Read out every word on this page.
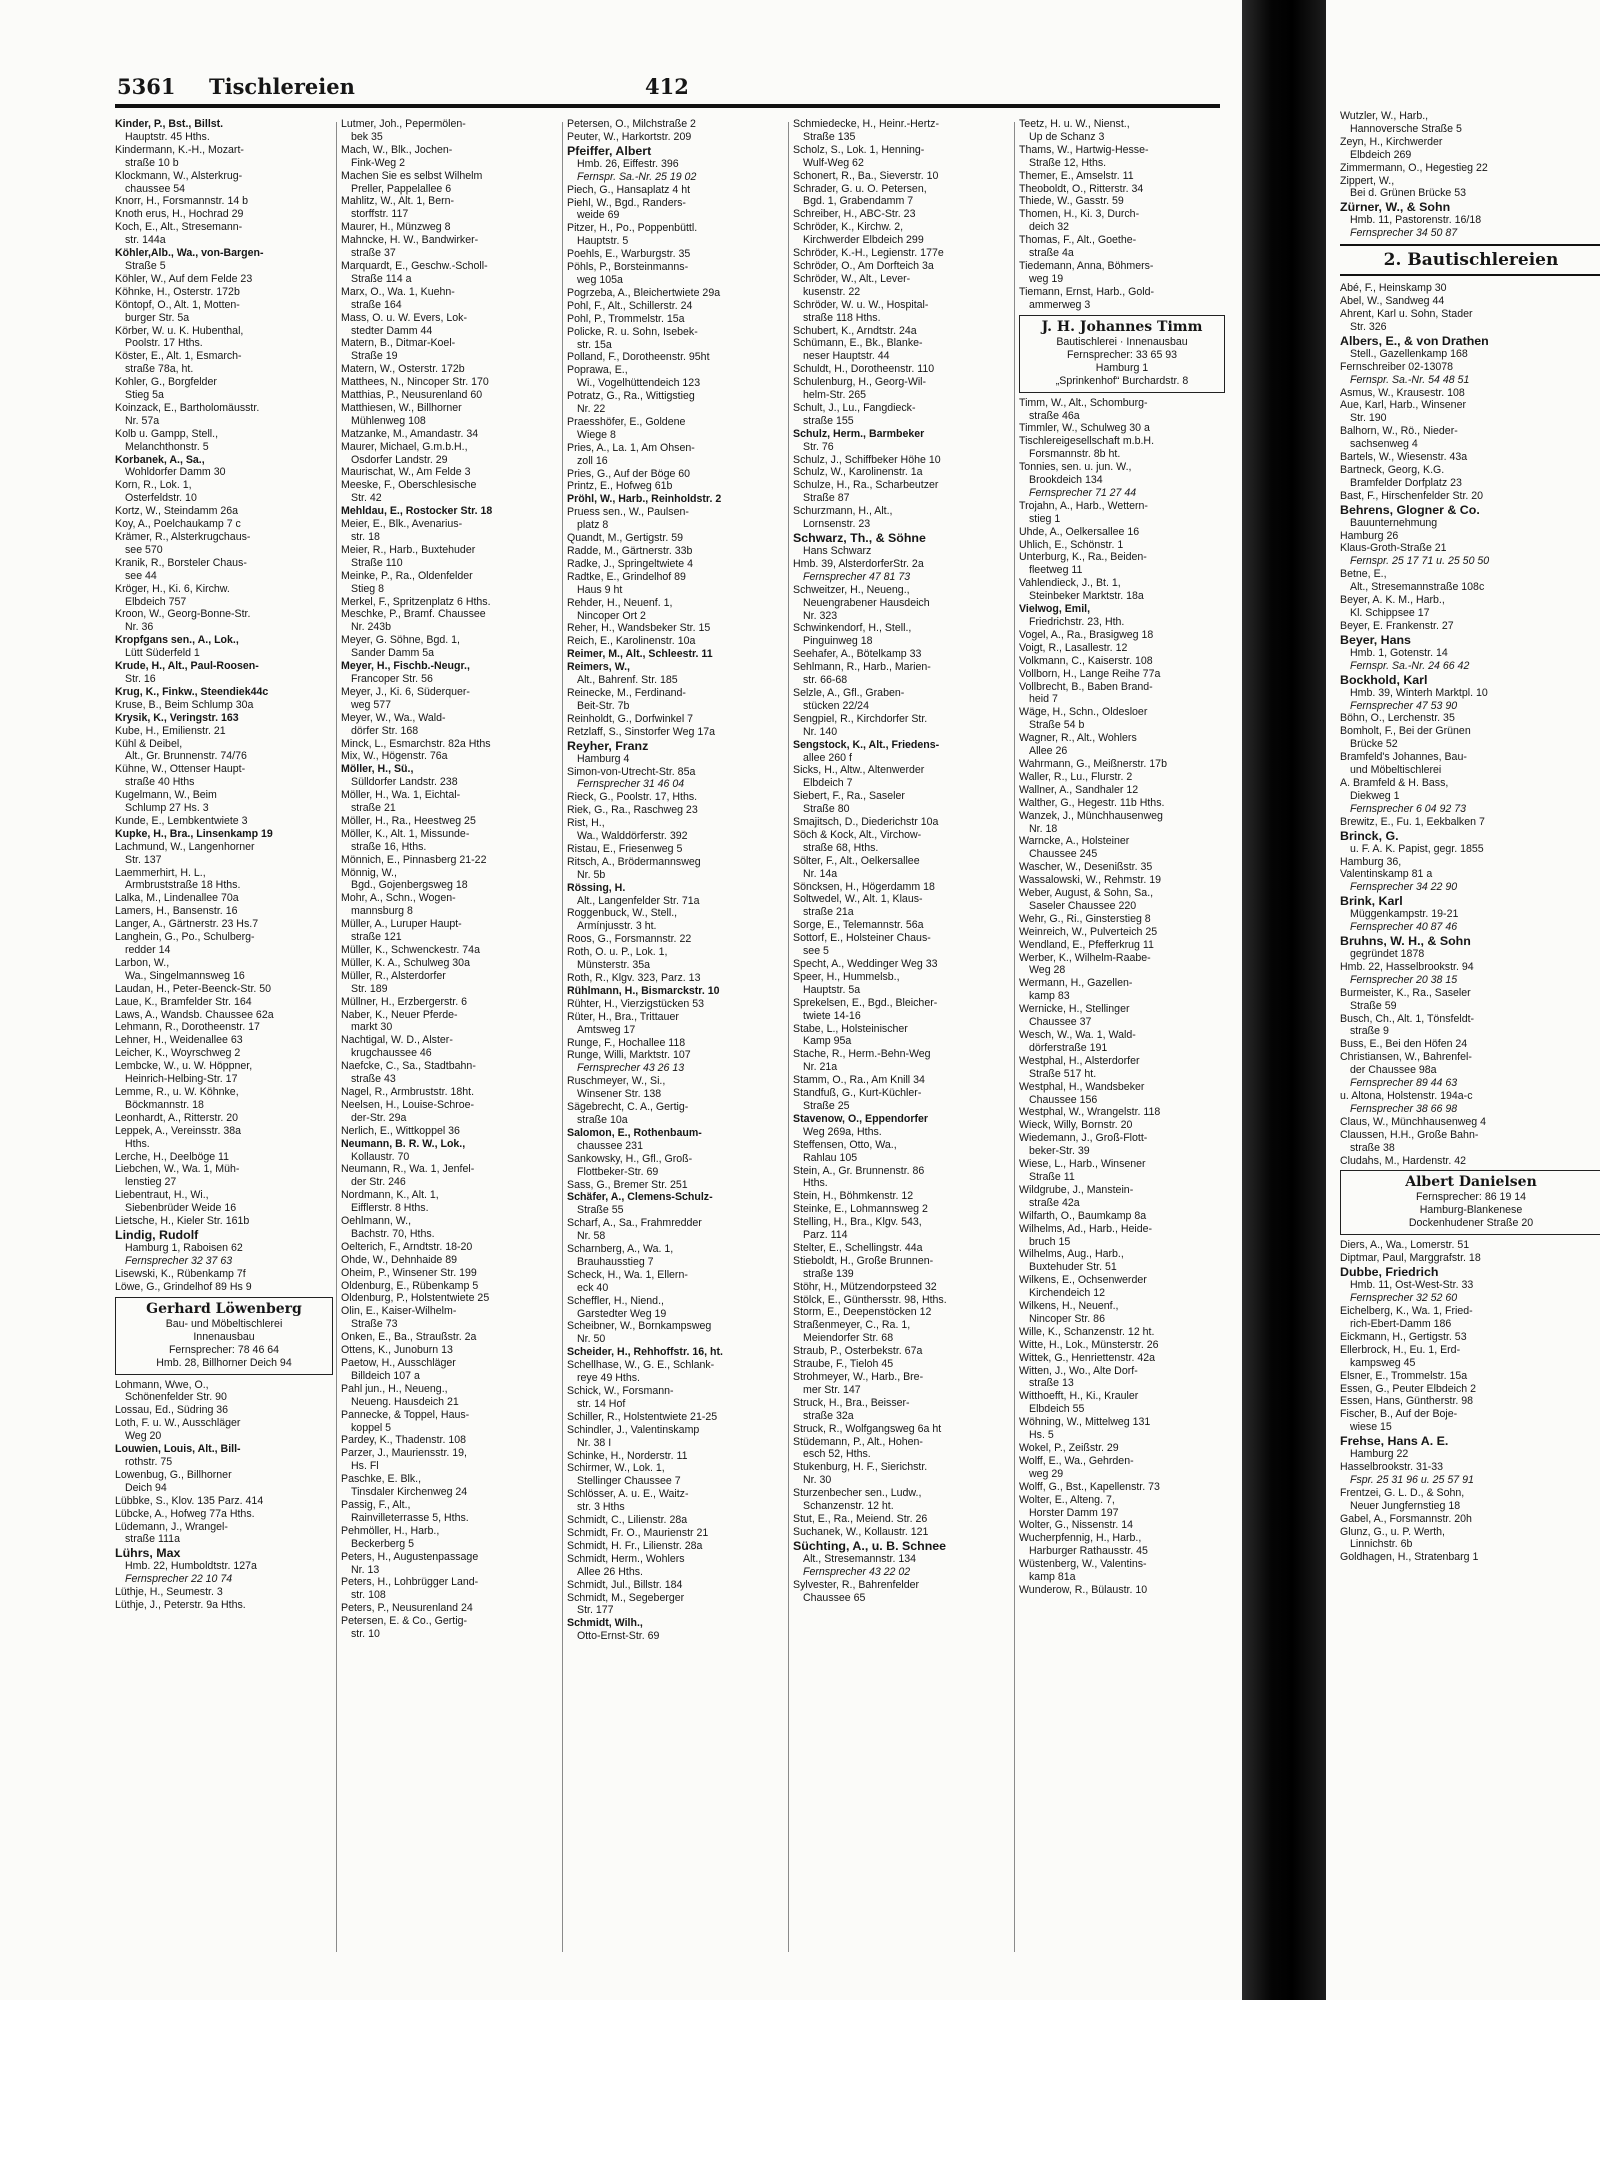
5361 Tischlereien	412
Kinder, P., Bst., Billst.
Hauptstr. 45 Hths.
Kindermann, K.-H., Mozart-
straße 10 b
Klockmann, W., Alsterkrug-
chaussee 54
Knorr, H., Forsmannstr. 14 b
Knoth erus, H., Hochrad 29
Koch, E., Alt., Stresemann-
str. 144a
Köhler,Alb., Wa., von-Bargen-
Straße 5
Köhler, W., Auf dem Felde 23
Köhnke, H., Osterstr. 172b
Köntopf, O., Alt. 1, Motten-
burger Str. 5a
Körber, W. u. K. Hubenthal,
Poolstr. 17 Hths.
Köster, E., Alt. 1, Esmarch-
straße 78a, ht.
Kohler, G., Borgfelder
Stieg 5a
Koinzack, E., Bartholomäusstr.
Nr. 57a
Kolb u. Gampp, Stell.,
Melanchthonstr. 5
Korbanek, A., Sa.,
Wohldorfer Damm 30
Korn, R., Lok. 1,
Osterfeldstr. 10
Kortz, W., Steindamm 26a
Koy, A., Poelchaukamp 7 c
Krämer, R., Alsterkrugchaus-
see 570
Kranik, R., Borsteler Chaus-
see 44
Kröger, H., Ki. 6, Kirchw.
Elbdeich 757
Kroon, W., Georg-Bonne-Str.
Nr. 36
Kropfgans sen., A., Lok.,
Lütt Süderfeld 1
Krude, H., Alt., Paul-Roosen-
Str. 16
Krug, K., Finkw., Steendiek44c
Kruse, B., Beim Schlump 30a
Krysik, K., Veringstr. 163
Kube, H., Emilienstr. 21
Kühl & Deibel,
Alt., Gr. Brunnenstr. 74/76
Kühne, W., Ottenser Haupt-
straße 40 Hths
Kugelmann, W., Beim
Schlump 27 Hs. 3
Kunde, E., Lembkentwiete 3
Kupke, H., Bra., Linsenkamp 19
Lachmund, W., Langenhorner
Str. 137
Laemmerhirt, H. L.,
Armbruststraße 18 Hths.
Lalka, M., Lindenallee 70a
Lamers, H., Bansenstr. 16
Langer, A., Gärtnerstr. 23 Hs.7
Langhein, G., Po., Schulberg-
redder 14
Larbon, W.,
Wa., Singelmannsweg 16
Laudan, H., Peter-Beenck-Str. 50
Laue, K., Bramfelder Str. 164
Laws, A., Wandsb. Chaussee 62a
Lehmann, R., Dorotheenstr. 17
Lehner, H., Weidenallee 63
Leicher, K., Woyrschweg 2
Lembcke, W., u. W. Höppner,
Heinrich-Helbing-Str. 17
Lemme, R., u. W. Köhnke,
Böckmannstr. 18
Leonhardt, A., Ritterstr. 20
Leppek, A., Vereinsstr. 38a
Hths.
Lerche, H., Deelböge 11
Liebchen, W., Wa. 1, Müh-
lenstieg 27
Liebentraut, H., Wi.,
Siebenbrüder Weide 16
Lietsche, H., Kieler Str. 161b
Lindig, Rudolf
Hamburg 1, Raboisen 62
Fernsprecher 32 37 63
Lisewski, K., Rübenkamp 7f
Löwe, G., Grindelhof 89 Hs 9
Gerhard Löwenberg
Bau- und Möbeltischlerei
Innenausbau
Fernsprecher: 78 46 64
Hmb. 28, Billhorner Deich 94
Lohmann, Wwe, O.,
Schönenfelder Str. 90
Lossau, Ed., Südring 36
Loth, F. u. W., Ausschläger
Weg 20
Louwien, Louis, Alt., Bill-
rothstr. 75
Lowenbug, G., Billhorner
Deich 94
Lübbke, S., Klov. 135 Parz. 414
Lübcke, A., Hofweg 77a Hths.
Lüdemann, J., Wrangel-
straße 111a
Lührs, Max
Hmb. 22, Humboldtstr. 127a
Fernsprecher 22 10 74
Lüthje, H., Seumestr. 3
Lüthje, J., Peterstr. 9a Hths.
Lutmer, Joh., Pepermölen-
bek 35
Mach, W., Blk., Jochen-
Fink-Weg 2
Machen Sie es selbst Wilhelm
Preller, Pappelallee 6
Mahlitz, W., Alt. 1, Bern-
storffstr. 117
Maurer, H., Münzweg 8
Mahncke, H. W., Bandwirker-
straße 37
Marquardt, E., Geschw.-Scholl-
Straße 114 a
Marx, O., Wa. 1, Kuehn-
straße 164
Mass, O. u. W. Evers, Lok-
stedter Damm 44
Matern, B., Ditmar-Koel-
Straße 19
Matern, W., Osterstr. 172b
Matthees, N., Nincoper Str. 170
Matthias, P., Neusurenland 60
Matthiesen, W., Billhorner
Mühlenweg 108
Matzanke, M., Amandastr. 34
Maurer, Michael, G.m.b.H.,
Osdorfer Landstr. 29
Maurischat, W., Am Felde 3
Meeske, F., Oberschlesische
Str. 42
Mehldau, E., Rostocker Str. 18
Meier, E., Blk., Avenarius-
str. 18
Meier, R., Harb., Buxtehuder
Straße 110
Meinke, P., Ra., Oldenfelder
Stieg 8
Merkel, F., Spritzenplatz 6 Hths.
Meschke, P., Bramf. Chaussee
Nr. 243b
Meyer, G. Söhne, Bgd. 1,
Sander Damm 5a
Meyer, H., Fischb.-Neugr.,
Francoper Str. 56
Meyer, J., Ki. 6, Süderquer-
weg 577
Meyer, W., Wa., Wald-
dörfer Str. 168
Minck, L., Esmarchstr. 82a Hths
Mix, W., Högenstr. 76a
Möller, H., Sü.,
Sülldorfer Landstr. 238
Möller, H., Wa. 1, Eichtal-
straße 21
Möller, H., Ra., Heestweg 25
Möller, K., Alt. 1, Missunde-
straße 16, Hths.
Mönnich, E., Pinnasberg 21-22
Mönnig, W.,
Bgd., Gojenbergsweg 18
Mohr, A., Schn., Wogen-
mannsburg 8
Müller, A., Luruper Haupt-
straße 121
Müller, K., Schwenckestr. 74a
Müller, K. A., Schulweg 30a
Müller, R., Alsterdorfer
Str. 189
Müllner, H., Erzbergerstr. 6
Naber, K., Neuer Pferde-
markt 30
Nachtigal, W. D., Alster-
krugchaussee 46
Naefcke, C., Sa., Stadtbahn-
straße 43
Nagel, R., Armbruststr. 18ht.
Neelsen, H., Louise-Schroe-
der-Str. 29a
Nerlich, E., Wittkoppel 36
Neumann, B. R. W., Lok.,
Kollaustr. 70
Neumann, R., Wa. 1, Jenfel-
der Str. 246
Nordmann, K., Alt. 1,
Eifflerstr. 8 Hths.
Oehlmann, W.,
Bachstr. 70, Hths.
Oelterich, F., Arndtstr. 18-20
Ohde, W., Dehnhaide 89
Oheim, P., Winsener Str. 199
Oldenburg, E., Rübenkamp 5
Oldenburg, P., Holstentwiete 25
Olin, E., Kaiser-Wilhelm-
Straße 73
Onken, E., Ba., Straußstr. 2a
Ottens, K., Junoburn 13
Paetow, H., Ausschläger
Billdeich 107 a
Pahl jun., H., Neueng.,
Neueng. Hausdeich 21
Pannecke, & Toppel, Haus-
koppel 5
Pardey, K., Thadenstr. 108
Parzer, J., Mauriensstr. 19,
Hs. Fl
Paschke, E. Blk.,
Tinsdaler Kirchenweg 24
Passig, F., Alt.,
Rainvilleterrasse 5, Hths.
Pehmöller, H., Harb.,
Beckerberg 5
Peters, H., Augustenpassage
Nr. 13
Peters, H., Lohbrügger Land-
str. 108
Peters, P., Neusurenland 24
Petersen, E. & Co., Gertig-
str. 10
Petersen, O., Milchstraße 2
Peuter, W., Harkortstr. 209
Pfeiffer, Albert
Hmb. 26, Eiffestr. 396
Fernspr. Sa.-Nr. 25 19 02
Piech, G., Hansaplatz 4 ht
Piehl, W., Bgd., Randers-
weide 69
Pitzer, H., Po., Poppenbüttl.
Hauptstr. 5
Poehls, E., Warburgstr. 35
Pöhls, P., Borsteinmanns-
weg 105a
Pogrzeba, A., Bleichertwiete 29a
Pohl, F., Alt., Schillerstr. 24
Pohl, P., Trommelstr. 15a
Policke, R. u. Sohn, Isebek-
str. 15a
Polland, F., Dorotheenstr. 95ht
Poprawa, E.,
Wi., Vogelhüttendeich 123
Potratz, G., Ra., Wittigstieg
Nr. 22
Praesshöfer, E., Goldene
Wiege 8
Pries, A., La. 1, Am Ohsen-
zoll 16
Pries, G., Auf der Böge 60
Printz, E., Hofweg 61b
Pröhl, W., Harb., Reinholdstr. 2
Pruess sen., W., Paulsen-
platz 8
Quandt, M., Gertigstr. 59
Radde, M., Gärtnerstr. 33b
Radke, J., Springeltwiete 4
Radtke, E., Grindelhof 89
Haus 9 ht
Rehder, H., Neuenf. 1,
Nincoper Ort 2
Reher, H., Wandsbeker Str. 15
Reich, E., Karolinenstr. 10a
Reimer, M., Alt., Schleestr. 11
Reimers, W.,
Alt., Bahrenf. Str. 185
Reinecke, M., Ferdinand-
Beit-Str. 7b
Reinholdt, G., Dorfwinkel 7
Retzlaff, S., Sinstorfer Weg 17a
Reyher, Franz
Hamburg 4
Simon-von-Utrecht-Str. 85a
Fernsprecher 31 46 04
Rieck, G., Poolstr. 17, Hths.
Riek, G., Ra., Raschweg 23
Rist, H.,
Wa., Walddörferstr. 392
Ristau, E., Friesenweg 5
Ritsch, A., Brödermannsweg
Nr. 5b
Rössing, H.
Alt., Langenfelder Str. 71a
Roggenbuck, W., Stell.,
Armínjusstr. 3 ht.
Roos, G., Forsmannstr. 22
Roth, O. u. P., Lok. 1,
Münsterstr. 35a
Roth, R., Klgv. 323, Parz. 13
Rühlmann, H., Bismarckstr. 10
Rühter, H., Vierzigstücken 53
Rüter, H., Bra., Trittauer
Amtsweg 17
Runge, F., Hochallee 118
Runge, Willi, Marktstr. 107
Fernsprecher 43 26 13
Ruschmeyer, W., Si.,
Winsener Str. 138
Sägebrecht, C. A., Gertig-
straße 10a
Salomon, E., Rothenbaum-
chaussee 231
Sankowsky, H., Gfl., Groß-
Flottbeker-Str. 69
Sass, G., Bremer Str. 251
Schäfer, A., Clemens-Schulz-
Straße 55
Scharf, A., Sa., Frahmredder
Nr. 58
Scharnberg, A., Wa. 1,
Brauhausstieg 7
Scheck, H., Wa. 1, Ellern-
eck 40
Scheffler, H., Niend.,
Garstedter Weg 19
Scheibner, W., Bornkampsweg
Nr. 50
Scheider, H., Rehhoffstr. 16, ht.
Schellhase, W., G. E., Schlank-
reye 49 Hths.
Schick, W., Forsmann-
str. 14 Hof
Schiller, R., Holstentwiete 21-25
Schindler, J., Valentinskamp
Nr. 38 I
Schinke, H., Norderstr. 11
Schirmer, W., Lok. 1,
Stellinger Chaussee 7
Schlösser, A. u. E., Waitz-
str. 3 Hths
Schmidt, C., Lilienstr. 28a
Schmidt, Fr. O., Maurienstr 21
Schmidt, H. Fr., Lilienstr. 28a
Schmidt, Herm., Wohlers
Allee 26 Hths.
Schmidt, Jul., Billstr. 184
Schmidt, M., Segeberger
Str. 177
Schmidt, Wilh.,
Otto-Ernst-Str. 69
Schmiedecke, H., Heinr.-Hertz-
Straße 135
Scholz, S., Lok. 1, Henning-
Wulf-Weg 62
Schonert, R., Ba., Sieverstr. 10
Schrader, G. u. O. Petersen,
Bgd. 1, Grabendamm 7
Schreiber, H., ABC-Str. 23
Schröder, K., Kirchw. 2,
Kirchwerder Elbdeich 299
Schröder, K.-H., Legienstr. 177e
Schröder, O., Am Dorfteich 3a
Schröder, W., Alt., Lever-
kusenstr. 22
Schröder, W. u. W., Hospital-
straße 118 Hths.
Schubert, K., Arndtstr. 24a
Schümann, E., Bk., Blanke-
neser Hauptstr. 44
Schuldt, H., Dorotheenstr. 110
Schulenburg, H., Georg-Wil-
helm-Str. 265
Schult, J., Lu., Fangdieck-
straße 155
Schulz, Herm., Barmbeker
Str. 76
Schulz, J., Schiffbeker Höhe 10
Schulz, W., Karolinenstr. 1a
Schulze, H., Ra., Scharbeutzer
Straße 87
Schurzmann, H., Alt.,
Lornsenstr. 23
Schwarz, Th., & Söhne
Hans Schwarz
Hmb. 39, AlsterdorferStr. 2a
Fernsprecher 47 81 73
Schweitzer, H., Neueng.,
Neuengrabener Hausdeich
Nr. 323
Schwinkendorf, H., Stell.,
Pinguinweg 18
Seehafer, A., Bötelkamp 33
Sehlmann, R., Harb., Marien-
str. 66-68
Selzle, A., Gfl., Graben-
stücken 22/24
Sengpiel, R., Kirchdorfer Str.
Nr. 140
Sengstock, K., Alt., Friedens-
allee 260 f
Sicks, H., Altw., Altenwerder
Elbdeich 7
Siebert, F., Ra., Saseler
Straße 80
Smajitsch, D., Diederichstr 10a
Söch & Kock, Alt., Virchow-
straße 68, Hths.
Sölter, F., Alt., Oelkersallee
Nr. 14a
Söncksen, H., Högerdamm 18
Soltwedel, W., Alt. 1, Klaus-
straße 21a
Sorge, E., Telemannstr. 56a
Sottorf, E., Holsteiner Chaus-
see 5
Specht, A., Weddinger Weg 33
Speer, H., Hummelsb.,
Hauptstr. 5a
Sprekelsen, E., Bgd., Bleicher-
twiete 14-16
Stabe, L., Holsteinischer
Kamp 95a
Stache, R., Herm.-Behn-Weg
Nr. 21a
Stamm, O., Ra., Am Knill 34
Standfuß, G., Kurt-Küchler-
Straße 25
Stavenow, O., Eppendorfer
Weg 269a, Hths.
Steffensen, Otto, Wa.,
Rahlau 105
Stein, A., Gr. Brunnenstr. 86
Hths.
Stein, H., Böhmkenstr. 12
Steinke, E., Lohmannsweg 2
Stelling, H., Bra., Klgv. 543,
Parz. 114
Stelter, E., Schellingstr. 44a
Stieboldt, H., Große Brunnen-
straße 139
Stöhr, H., Mützendorpsteed 32
Stölck, E., Günthersstr. 98, Hths.
Storm, E., Deepenstöcken 12
Straßenmeyer, C., Ra. 1,
Meiendorfer Str. 68
Straub, P., Osterbekstr. 67a
Straube, F., Tieloh 45
Strohmeyer, W., Harb., Bre-
mer Str. 147
Struck, H., Bra., Beisser-
straße 32a
Struck, R., Wolfgangsweg 6a ht
Stüdemann, P., Alt., Hohen-
esch 52, Hths.
Stukenburg, H. F., Sierichstr.
Nr. 30
Sturzenbecher sen., Ludw.,
Schanzenstr. 12 ht.
Stut, E., Ra., Meiend. Str. 26
Suchanek, W., Kollaustr. 121
Süchting, A., u. B. Schnee
Alt., Stresemannstr. 134
Fernsprecher 43 22 02
Sylvester, R., Bahrenfelder
Chaussee 65
Teetz, H. u. W., Nienst.,
Up de Schanz 3
Thams, W., Hartwig-Hesse-
Straße 12, Hths.
Themer, E., Amselstr. 11
Theoboldt, O., Ritterstr. 34
Thiede, W., Gasstr. 59
Thomen, H., Ki. 3, Durch-
deich 32
Thomas, F., Alt., Goethe-
straße 4a
Tiedemann, Anna, Böhmers-
weg 19
Tiemann, Ernst, Harb., Gold-
ammerweg 3
J. H. Johannes Timm
Bautischlerei · Innenausbau
Fernsprecher: 33 65 93
Hamburg 1
„Sprinkenhof“ Burchardstr. 8
Timm, W., Alt., Schomburg-
straße 46a
Timmler, W., Schulweg 30 a
Tischlereigesellschaft m.b.H.
Forsmannstr. 8b ht.
Tonnies, sen. u. jun. W.,
Brookdeich 134
Fernsprecher 71 27 44
Trojahn, A., Harb., Wettern-
stieg 1
Uhde, A., Oelkersallee 16
Uhlich, E., Schönstr. 1
Unterburg, K., Ra., Beiden-
fleetweg 11
Vahlendieck, J., Bt. 1,
Steinbeker Marktstr. 18a
Vielwog, Emil,
Friedrichstr. 23, Hth.
Vogel, A., Ra., Brasigweg 18
Voigt, R., Lasallestr. 12
Volkmann, C., Kaiserstr. 108
Vollborn, H., Lange Reihe 77a
Vollbrecht, B., Baben Brand-
heid 7
Wäge, H., Schn., Oldesloer
Straße 54 b
Wagner, R., Alt., Wohlers
Allee 26
Wahrmann, G., Meißnerstr. 17b
Waller, R., Lu., Flurstr. 2
Wallner, A., Sandhaler 12
Walther, G., Hegestr. 11b Hths.
Wanzek, J., Münchhausenweg
Nr. 18
Warncke, A., Holsteiner
Chaussee 245
Wascher, W., Desenißstr. 35
Wassalowski, W., Rehmstr. 19
Weber, August, & Sohn, Sa.,
Saseler Chaussee 220
Wehr, G., Ri., Ginsterstieg 8
Weinreich, W., Pulverteich 25
Wendland, E., Pfefferkrug 11
Werber, K., Wilhelm-Raabe-
Weg 28
Wermann, H., Gazellen-
kamp 83
Wernicke, H., Stellinger
Chaussee 37
Wesch, W., Wa. 1, Wald-
dörferstraße 191
Westphal, H., Alsterdorfer
Straße 517 ht.
Westphal, H., Wandsbeker
Chaussee 156
Westphal, W., Wrangelstr. 118
Wieck, Willy, Bornstr. 20
Wiedemann, J., Groß-Flott-
beker-Str. 39
Wiese, L., Harb., Winsener
Straße 11
Wildgrube, J., Manstein-
straße 42a
Wilfarth, O., Baumkamp 8a
Wilhelms, Ad., Harb., Heide-
bruch 15
Wilhelms, Aug., Harb.,
Buxtehuder Str. 51
Wilkens, E., Ochsenwerder
Kirchendeich 12
Wilkens, H., Neuenf.,
Nincoper Str. 86
Wille, K., Schanzenstr. 12 ht.
Witte, H., Lok., Münsterstr. 26
Wittek, G., Henriettenstr. 42a
Witten, J., Wo., Alte Dorf-
straße 13
Witthoefft, H., Ki., Krauler
Elbdeich 55
Wöhning, W., Mittelweg 131
Hs. 5
Wokel, P., Zeißstr. 29
Wolff, E., Wa., Gehrden-
weg 29
Wolff, G., Bst., Kapellenstr. 73
Wolter, E., Alteng. 7,
Horster Damm 197
Wolter, G., Nissenstr. 14
Wucherpfennig, H., Harb.,
Harburger Rathausstr. 45
Wüstenberg, W., Valentins-
kamp 81a
Wunderow, R., Bülaustr. 10
Wutzler, W., Harb.,
Hannoversche Straße 5
Zeyn, H., Kirchwerder
Elbdeich 269
Zimmermann, O., Hegestieg 22
Zippert, W.,
Bei d. Grünen Brücke 53
Zürner, W., & Sohn
Hmb. 11, Pastorenstr. 16/18
Fernsprecher 34 50 87
2. Bautischlereien
Abé, F., Heinskamp 30
Abel, W., Sandweg 44
Ahrent, Karl u. Sohn, Stader
Str. 326
Albers, E., & von Drathen
Stell., Gazellenkamp 168
Fernschreiber 02-13078
Fernspr. Sa.-Nr. 54 48 51
Asmus, W., Krausestr. 108
Aue, Karl, Harb., Winsener
Str. 190
Balhorn, W., Rö., Nieder-
sachsenweg 4
Bartels, W., Wiesenstr. 43a
Bartneck, Georg, K.G.
Bramfelder Dorfplatz 23
Bast, F., Hirschenfelder Str. 20
Behrens, Glogner & Co.
Bauunternehmung
Hamburg 26
Klaus-Groth-Straße 21
Fernspr. 25 17 71 u. 25 50 50
Betne, E.,
Alt., Stresemannstraße 108c
Beyer, A. K. M., Harb.,
Kl. Schippsee 17
Beyer, E. Frankenstr. 27
Beyer, Hans
Hmb. 1, Gotenstr. 14
Fernspr. Sa.-Nr. 24 66 42
Bockhold, Karl
Hmb. 39, Winterh Marktpl. 10
Fernsprecher 47 53 90
Böhn, O., Lerchenstr. 35
Bomholt, F., Bei der Grünen
Brücke 52
Bramfeld's Johannes, Bau-
und Möbeltischlerei
A. Bramfeld & H. Bass,
Diekweg 1
Fernsprecher 6 04 92 73
Brewitz, E., Fu. 1, Eekbalken 7
Brinck, G.
u. F. A. K. Papist, gegr. 1855
Hamburg 36,
Valentinskamp 81 a
Fernsprecher 34 22 90
Brink, Karl
Müggenkampstr. 19-21
Fernsprecher 40 87 46
Bruhns, W. H., & Sohn
gegründet 1878
Hmb. 22, Hasselbrookstr. 94
Fernsprecher 20 38 15
Burmeister, K., Ra., Saseler
Straße 59
Busch, Ch., Alt. 1, Tönsfeldt-
straße 9
Buss, E., Bei den Höfen 24
Christiansen, W., Bahrenfel-
der Chaussee 98a
Fernsprecher 89 44 63
u. Altona, Holstenstr. 194a-c
Fernsprecher 38 66 98
Claus, W., Münchhausenweg 4
Claussen, H.H., Große Bahn-
straße 38
Cludahs, M., Hardenstr. 42
Albert Danielsen
Fernsprecher: 86 19 14
Hamburg-Blankenese
Dockenhudener Straße 20
Diers, A., Wa., Lomerstr. 51
Diptmar, Paul, Marggrafstr. 18
Dubbe, Friedrich
Hmb. 11, Ost-West-Str. 33
Fernsprecher 32 52 60
Eichelberg, K., Wa. 1, Fried-
rich-Ebert-Damm 186
Eickmann, H., Gertigstr. 53
Ellerbrock, H., Eu. 1, Erd-
kampsweg 45
Elsner, E., Trommelstr. 15a
Essen, G., Peuter Elbdeich 2
Essen, Hans, Güntherstr. 98
Fischer, B., Auf der Boje-
wiese 15
Frehse, Hans A. E.
Hamburg 22
Hasselbrookstr. 31-33
Fspr. 25 31 96 u. 25 57 91
Frentzei, G. L. D., & Sohn,
Neuer Jungfernstieg 18
Gabel, A., Forsmannstr. 20h
Glunz, G., u. P. Werth,
Linnichstr. 6b
Goldhagen, H., Stratenbarg 1
